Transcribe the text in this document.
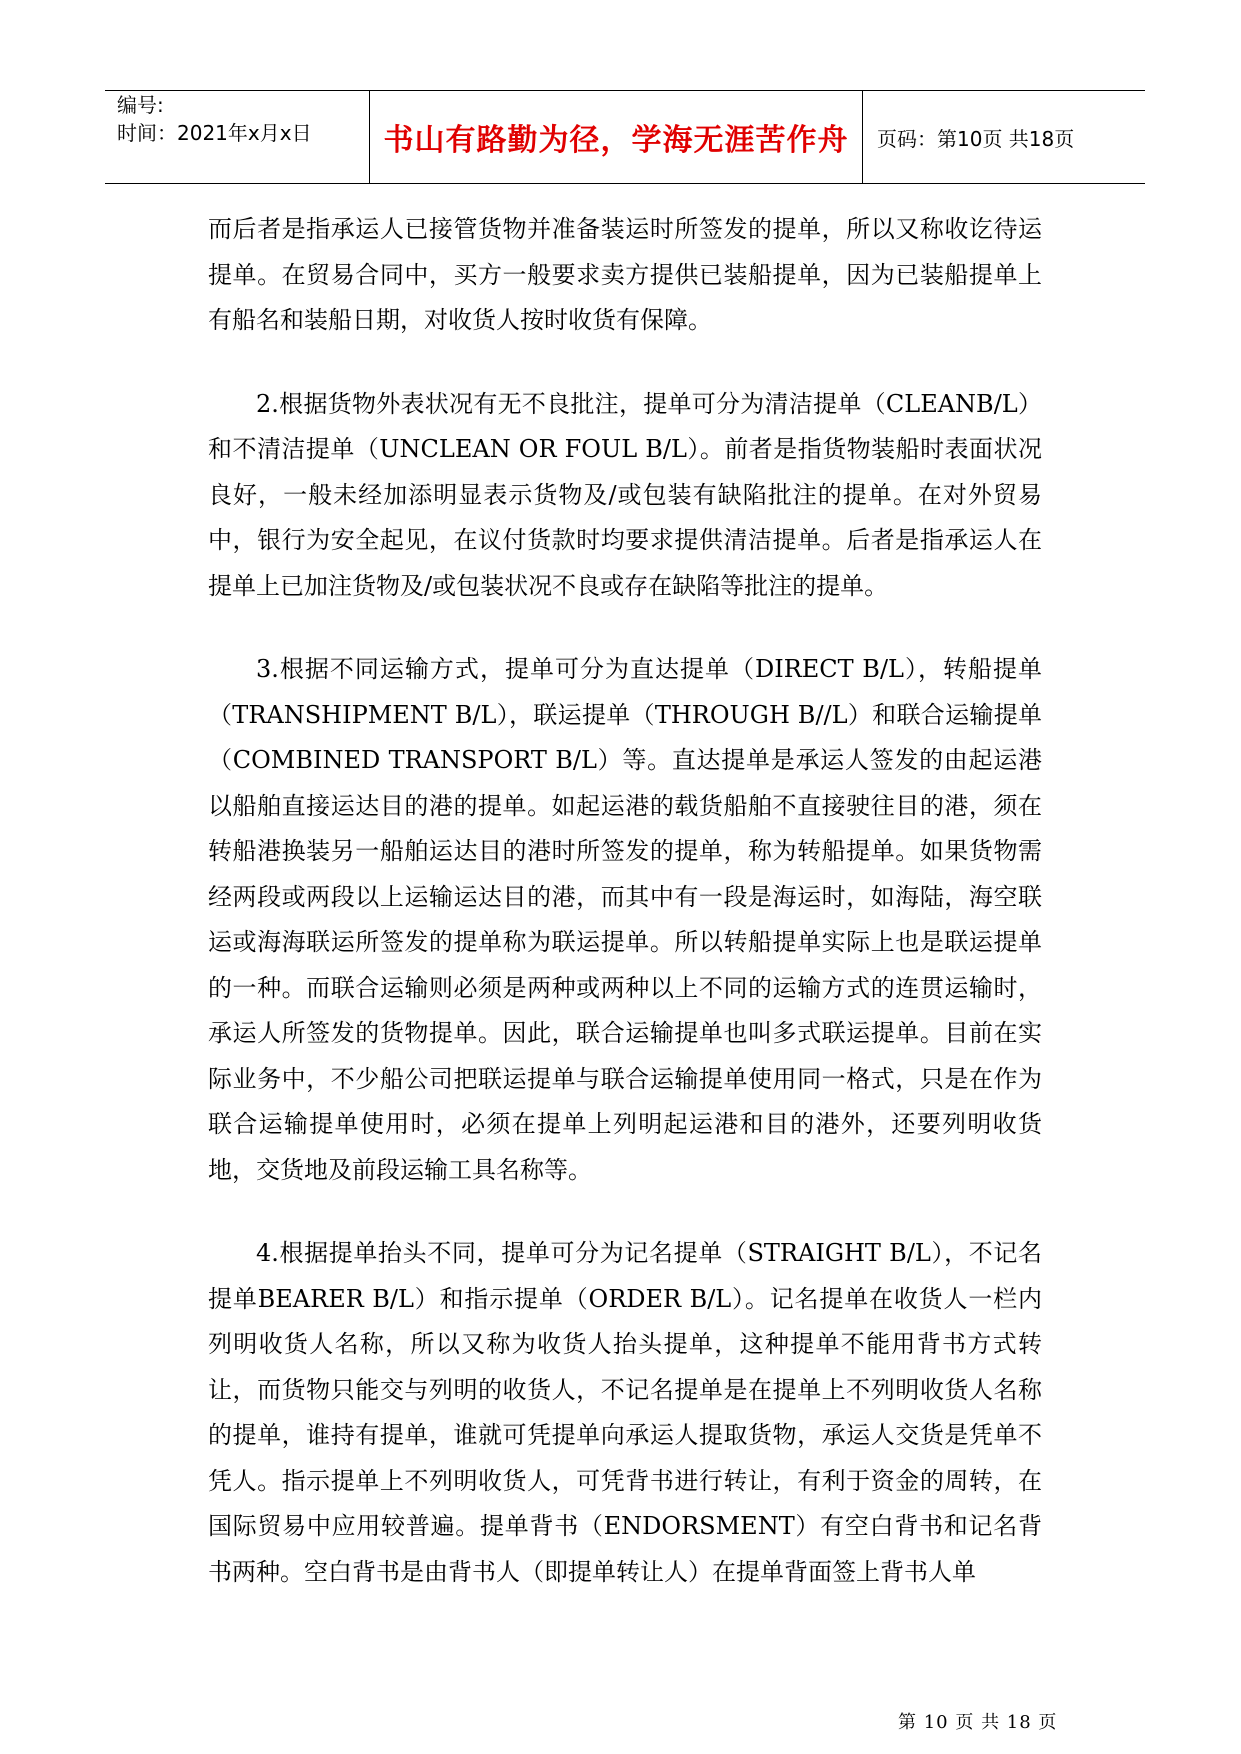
编号:
时间：2021年x月x日 书山有路勤为径，学海无涯苦作舟 页码：第10页 共18页

而后者是指承运人已接管货物并准备装运时所签发的提单，所以又称收讫待运提单。在贸易合同中，买方一般要求卖方提供已装船提单，因为已装船提单上有船名和装船日期，对收货人按时收货有保障。

2.根据货物外表状况有无不良批注，提单可分为清洁提单（CLEANB/L）和不清洁提单（UNCLEAN OR FOUL B/L）。前者是指货物装船时表面状况良好，一般未经加添明显表示货物及/或包装有缺陷批注的提单。在对外贸易中，银行为安全起见，在议付货款时均要求提供清洁提单。后者是指承运人在提单上已加注货物及/或包装状况不良或存在缺陷等批注的提单。

3.根据不同运输方式，提单可分为直达提单（DIRECT B/L），转船提单（TRANSHIPMENT B/L），联运提单（THROUGH B//L）和联合运输提单（COMBINED TRANSPORT B/L）等。直达提单是承运人签发的由起运港以船舶直接运达目的港的提单。如起运港的载货船舶不直接驶往目的港，须在转船港换装另一船舶运达目的港时所签发的提单，称为转船提单。如果货物需经两段或两段以上运输运达目的港，而其中有一段是海运时，如海陆，海空联运或海海联运所签发的提单称为联运提单。所以转船提单实际上也是联运提单的一种。而联合运输则必须是两种或两种以上不同的运输方式的连贯运输时，承运人所签发的货物提单。因此，联合运输提单也叫多式联运提单。目前在实际业务中，不少船公司把联运提单与联合运输提单使用同一格式，只是在作为联合运输提单使用时，必须在提单上列明起运港和目的港外，还要列明收货地，交货地及前段运输工具名称等。

4.根据提单抬头不同，提单可分为记名提单（STRAIGHT B/L），不记名提单BEARER B/L）和指示提单（ORDER B/L）。记名提单在收货人一栏内列明收货人名称，所以又称为收货人抬头提单，这种提单不能用背书方式转让，而货物只能交与列明的收货人，不记名提单是在提单上不列明收货人名称的提单，谁持有提单，谁就可凭提单向承运人提取货物，承运人交货是凭单不凭人。指示提单上不列明收货人，可凭背书进行转让，有利于资金的周转，在国际贸易中应用较普遍。提单背书（ENDORSMENT）有空白背书和记名背书两种。空白背书是由背书人（即提单转让人）在提单背面签上背书人单

第 10 页 共 18 页
